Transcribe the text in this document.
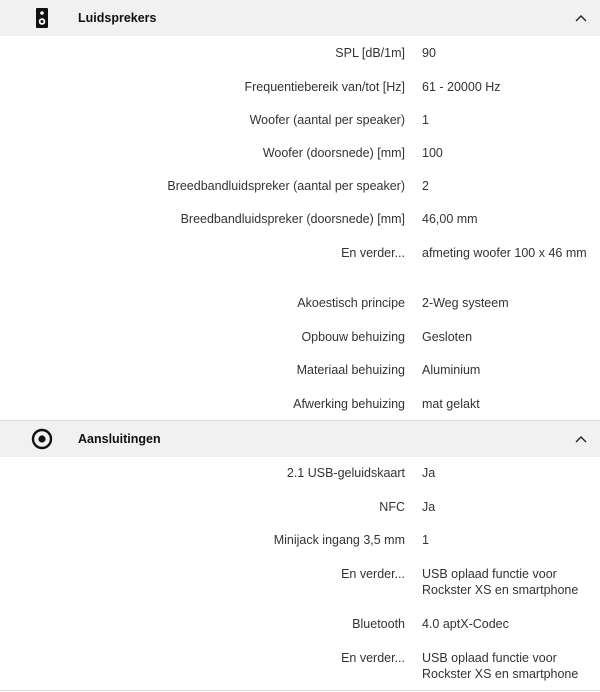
Luidsprekers
SPL [dB/1m] 90
Frequentiebereik van/tot [Hz] 61 - 20000 Hz
Woofer (aantal per speaker) 1
Woofer (doorsnede) [mm] 100
Breedbandluidspreker (aantal per speaker) 2
Breedbandluidspreker (doorsnede) [mm] 46,00 mm
En verder... afmeting woofer 100 x 46 mm
Akoestisch principe 2-Weg systeem
Opbouw behuizing Gesloten
Materiaal behuizing Aluminium
Afwerking behuizing mat gelakt
Aansluitingen
2.1 USB-geluidskaart Ja
NFC Ja
Minijack ingang 3,5 mm 1
En verder... USB oplaad functie voor Rockster XS en smartphone
Bluetooth 4.0 aptX-Codec
En verder... USB oplaad functie voor Rockster XS en smartphone
